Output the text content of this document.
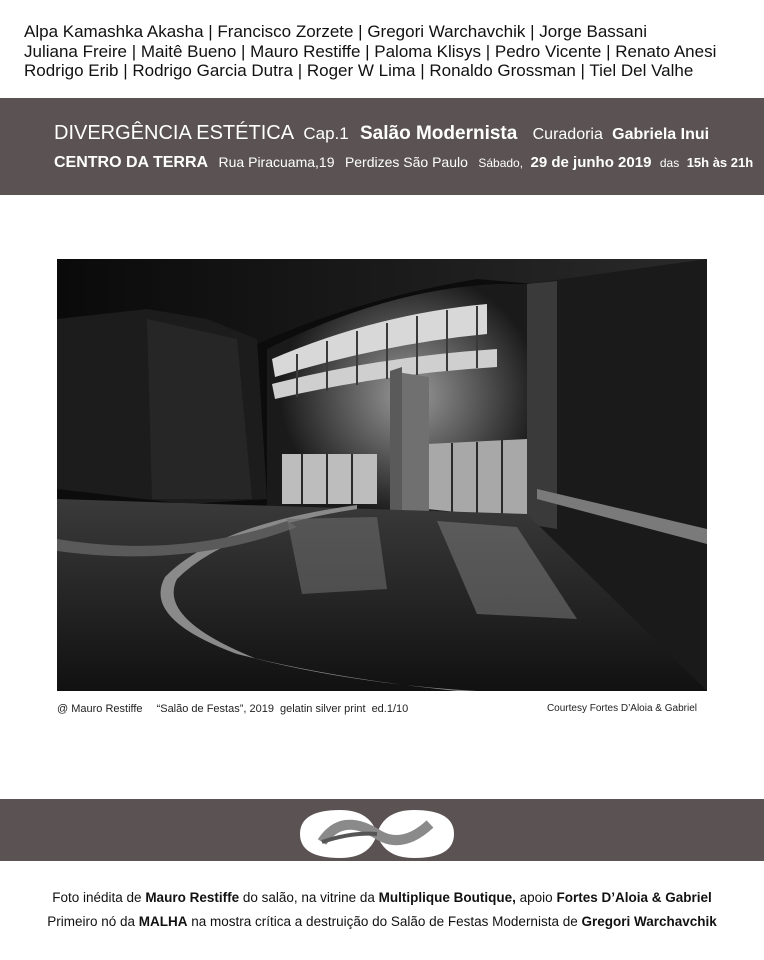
Alpa Kamashka Akasha | Francisco Zorzete | Gregori Warchavchik | Jorge Bassani
Juliana Freire | Maitê Bueno | Mauro Restiffe | Paloma Klisys | Pedro Vicente | Renato Anesi
Rodrigo Erib | Rodrigo Garcia Dutra | Roger W Lima | Ronaldo Grossman | Tiel Del Valhe
DIVERGÊNCIA ESTÉTICA Cap.1 Salão Modernista Curadoria Gabriela Inui
CENTRO DA TERRA Rua Piracuama,19 Perdizes São Paulo Sábado, 29 de junho 2019 das 15h às 21h
@ Mauro Restiffe “Salão de Festas”, 2019 gelatin silver print ed.1/10	Courtesy Fortes D’Aloia & Gabriel
Foto inédita de Mauro Restiffe do salão, na vitrine da Multiplique Boutique, apoio Fortes D’Aloia & Gabriel
Primeiro nó da MALHA na mostra crítica a destruição do Salão de Festas Modernista de Gregori Warchavchik
